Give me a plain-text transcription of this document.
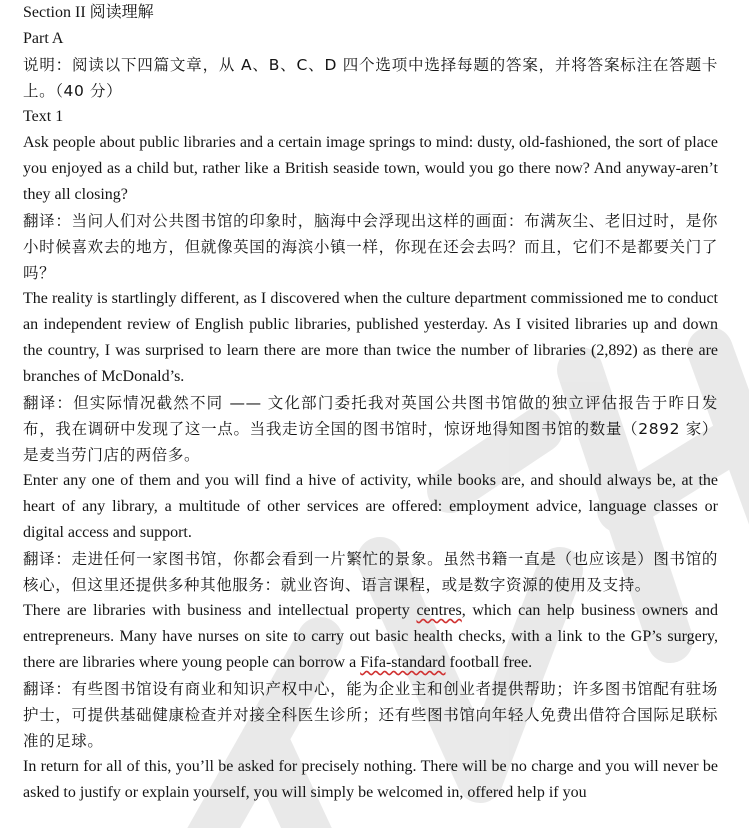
Section II 阅读理解

Part A

说明：阅读以下四篇文章，从 A、B、C、D 四个选项中选择每题的答案，并将答案标注在答题卡上。（40 分）

Text 1

Ask people about public libraries and a certain image springs to mind: dusty, old-fashioned, the sort of place you enjoyed as a child but, rather like a British seaside town, would you go there now? And anyway-aren’t they all closing?

翻译：当问人们对公共图书馆的印象时，脑海中会浮现出这样的画面：布满灰尘、老旧过时，是你小时候喜欢去的地方，但就像英国的海滨小镇一样，你现在还会去吗？而且，它们不是都要关门了吗？

The reality is startlingly different, as I discovered when the culture department commissioned me to conduct an independent review of English public libraries, published yesterday. As I visited libraries up and down the country, I was surprised to learn there are more than twice the number of libraries (2,892) as there are branches of McDonald’s.

翻译：但实际情况截然不同 —— 文化部门委托我对英国公共图书馆做的独立评估报告于昨日发布，我在调研中发现了这一点。当我走访全国的图书馆时，惊讶地得知图书馆的数量（2892 家）是麦当劳门店的两倍多。

Enter any one of them and you will find a hive of activity, while books are, and should always be, at the heart of any library, a multitude of other services are offered: employment advice, language classes or digital access and support.

翻译：走进任何一家图书馆，你都会看到一片繁忙的景象。虽然书籍一直是（也应该是）图书馆的核心，但这里还提供多种其他服务：就业咨询、语言课程，或是数字资源的使用及支持。

There are libraries with business and intellectual property centres, which can help business owners and entrepreneurs. Many have nurses on site to carry out basic health checks, with a link to the GP’s surgery, there are libraries where young people can borrow a Fifa-standard football free.

翻译：有些图书馆设有商业和知识产权中心，能为企业主和创业者提供帮助；许多图书馆配有驻场护士，可提供基础健康检查并对接全科医生诊所；还有些图书馆向年轻人免费出借符合国际足联标准的足球。

In return for all of this, you’ll be asked for precisely nothing. There will be no charge and you will never be asked to justify or explain yourself, you will simply be welcomed in, offered help if you
